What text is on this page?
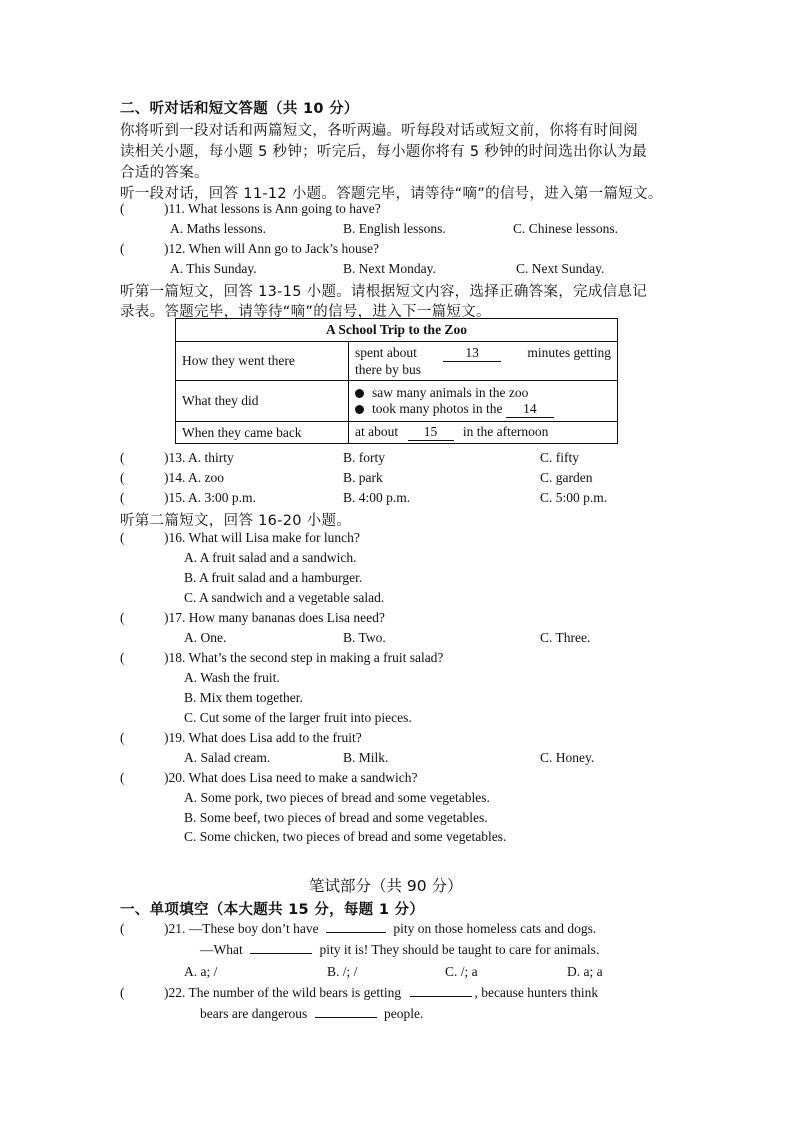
二、听对话和短文答题（共 10 分）
你将听到一段对话和两篇短文，各听两遍。听每段对话或短文前，你将有时间阅
读相关小题，每小题 5 秒钟；听完后，每小题你将有 5 秒钟的时间选出你认为最
合适的答案。
听一段对话，回答 11-12 小题。答题完毕，请等待“嘀”的信号，进入第一篇短文。
(	)11. What lessons is Ann going to have?
A. Maths lessons.	B. English lessons.	C. Chinese lessons.
(	)12. When will Ann go to Jack’s house?
A. This Sunday.	B. Next Monday.	C. Next Sunday.
听第一篇短文，回答 13-15 小题。请根据短文内容，选择正确答案，完成信息记
录表。答题完毕，请等待“嘀”的信号，进入下一篇短文。
A School Trip to the Zoo	
How they went there	spent about 13 minutes getting
there by bus

What they did	saw many animals in the zoo
took many photos in the 14

When they came back	at about 15 in the afternoon
(	)13. A. thirty	B. forty	C. fifty
(	)14. A. zoo	B. park	C. garden
(	)15. A. 3:00 p.m.	B. 4:00 p.m.	C. 5:00 p.m.
听第二篇短文，回答 16-20 小题。
(	)16. What will Lisa make for lunch?
A. A fruit salad and a sandwich.
B. A fruit salad and a hamburger.
C. A sandwich and a vegetable salad.
(	)17. How many bananas does Lisa need?
A. One.	B. Two.	C. Three.
(	)18. What’s the second step in making a fruit salad?
A. Wash the fruit.
B. Mix them together.
C. Cut some of the larger fruit into pieces.
(	)19. What does Lisa add to the fruit?
A. Salad cream.	B. Milk.	C. Honey.
(	)20. What does Lisa need to make a sandwich?
A. Some pork, two pieces of bread and some vegetables.
B. Some beef, two pieces of bread and some vegetables.
C. Some chicken, two pieces of bread and some vegetables.
笔试部分（共 90 分）
一、单项填空（本大题共 15 分，每题 1 分）
(	)21. —These boy don’t have	pity on those homeless cats and dogs.
—What	pity it is! They should be taught to care for animals.
A. a; /	B. /; /	C. /; a	D. a; a
(	)22. The number of the wild bears is getting	, because hunters think
bears are dangerous	people.
